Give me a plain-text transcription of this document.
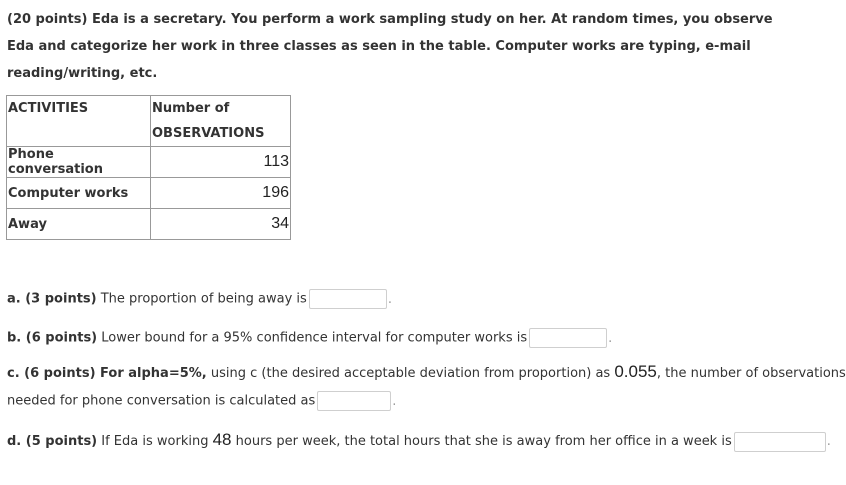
(20 points) Eda is a secretary. You perform a work sampling study on her. At random times, you observe Eda and categorize her work in three classes as seen in the table. Computer works are typing, e-mail reading/writing, etc.

ACTIVITIES	Number of
OBSERVATIONS
Phone conversation	113
Computer works	196
Away	34
a. (3 points) The proportion of being away is	.
b. (6 points) Lower bound for a 95% confidence interval for computer works is	.
c. (6 points) For alpha=5%, using c (the desired acceptable deviation from proportion) as 0.055, the number of observations
needed for phone conversation is calculated as	.
d. (5 points) If Eda is working 48 hours per week, the total hours that she is away from her office in a week is	.
